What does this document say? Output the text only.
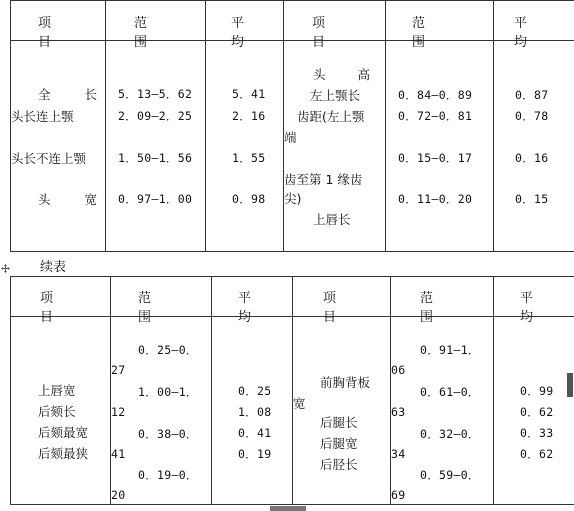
项 目
范 围
平 均
项 目
范 围
平 均
全 长
头长连上颚
头长不连上颚
头 宽
5．13—5．62
2．09—2．25
1．50—1．56
0．97—1．00
5．41
2．16
1．55
0．98
头 高
左上颚长
齿距(左上颚
端
齿至第 1 缘齿
尖)
上唇长
0．84—0．89
0．72—0．81
0．15—0．17
0．11—0．20
0．87
0．78
0．16
0．15
续表
项 目
范 围
平 均
项 目
范 围
平 均
上唇宽
后颏长
后颏最宽
后颏最狭
0．25—0．
27
1．00—1．
12
0．38—0．
41
0．19—0．
20
0．25
1．08
0．41
0．19
前胸背板
宽
后腿长
后腿宽
后胫长
0．91—1．
06
0．61—0．
63
0．32—0．
34
0．59—0．
69
0．99
0．62
0．33
0．62
